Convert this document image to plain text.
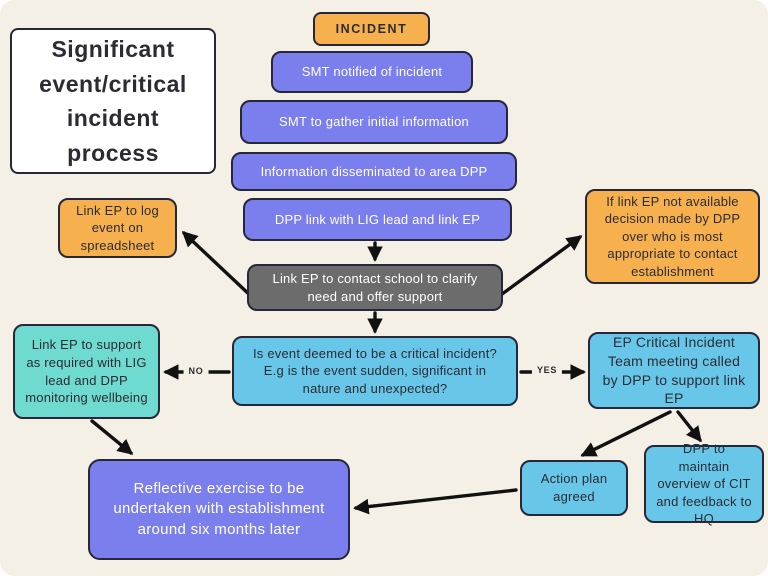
Significant event/critical incident process
INCIDENT
SMT notified of incident
SMT to gather initial information
Information disseminated to area DPP
DPP link with LIG lead and link EP
Link EP to contact school to clarify need and offer support
Link EP to log event on spreadsheet
If link EP not available decision made by DPP over who is most appropriate to contact establishment
Is event deemed to be a critical incident? E.g is the event sudden, significant in nature and unexpected?
Link EP to support as required with LIG lead and DPP monitoring wellbeing
EP Critical Incident Team meeting called by DPP to support link EP
Action plan agreed
DPP to maintain overview of CIT and feedback to HQ
Reflective exercise to be undertaken with establishment around six months later
NO	YES
